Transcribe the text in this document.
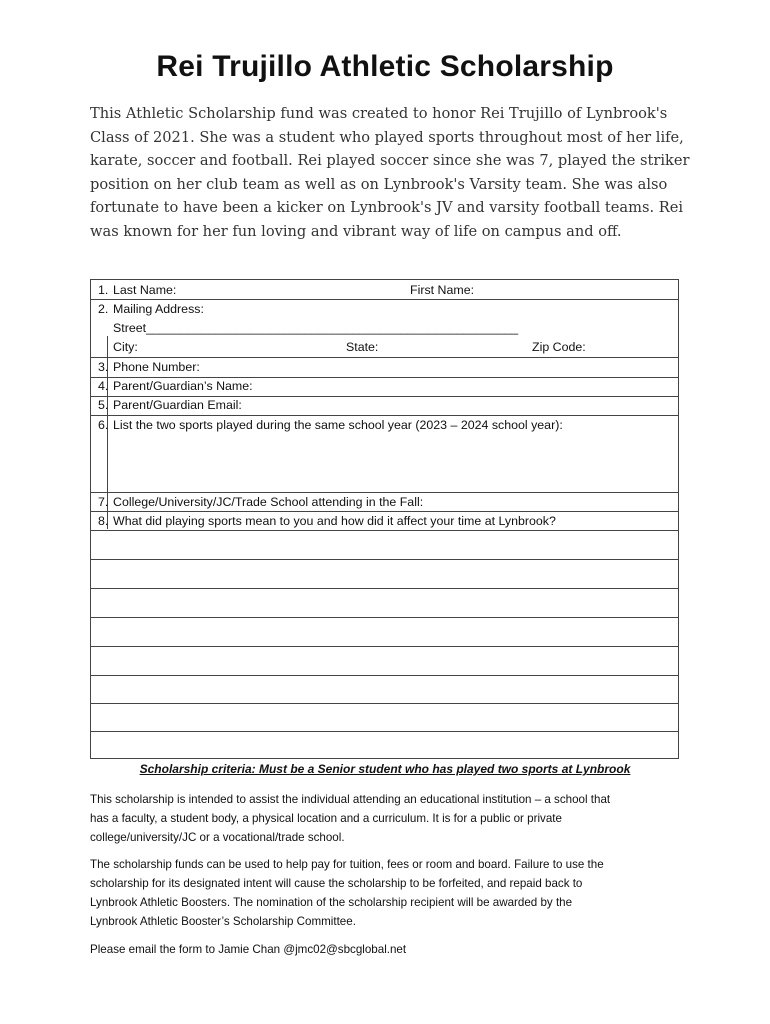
Rei Trujillo Athletic Scholarship
This Athletic Scholarship fund was created to honor Rei Trujillo of Lynbrook's
Class of 2021. She was a student who played sports throughout most of her life,
karate, soccer and football. Rei played soccer since she was 7, played the striker
position on her club team as well as on Lynbrook's Varsity team. She was also
fortunate to have been a kicker on Lynbrook's JV and varsity football teams. Rei
was known for her fun loving and vibrant way of life on campus and off.
1. Last Name:	First Name:
2. Mailing Address:
Street______________________________________________________
City:	State:	Zip Code:
3. Phone Number:
4. Parent/Guardian’s Name:
5. Parent/Guardian Email:
6. List the two sports played during the same school year (2023 – 2024 school year):
7. College/University/JC/Trade School attending in the Fall:
8. What did playing sports mean to you and how did it affect your time at Lynbrook?
Scholarship criteria: Must be a Senior student who has played two sports at Lynbrook
This scholarship is intended to assist the individual attending an educational institution – a school that
has a faculty, a student body, a physical location and a curriculum. It is for a public or private
college/university/JC or a vocational/trade school.
The scholarship funds can be used to help pay for tuition, fees or room and board. Failure to use the
scholarship for its designated intent will cause the scholarship to be forfeited, and repaid back to
Lynbrook Athletic Boosters. The nomination of the scholarship recipient will be awarded by the
Lynbrook Athletic Booster’s Scholarship Committee.
Please email the form to Jamie Chan @jmc02@sbcglobal.net
